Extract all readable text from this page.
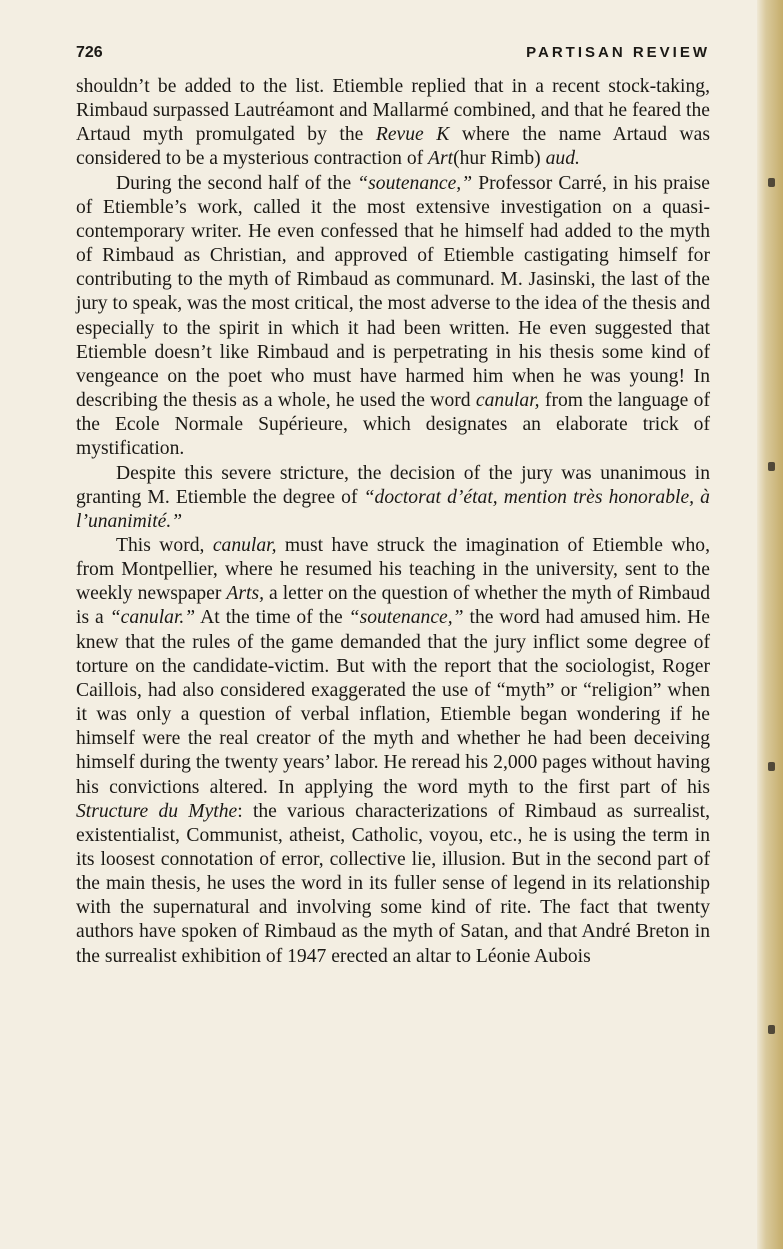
726	PARTISAN REVIEW

shouldn’t be added to the list. Etiemble replied that in a recent stock-taking, Rimbaud surpassed Lautréamont and Mallarmé combined, and that he feared the Artaud myth promulgated by the Revue K where the name Artaud was considered to be a mysterious contraction of Art(hur Rimb) aud.

During the second half of the “soutenance,” Professor Carré, in his praise of Etiemble’s work, called it the most extensive investigation on a quasi-contemporary writer. He even confessed that he himself had added to the myth of Rimbaud as Christian, and approved of Etiemble castigating himself for contributing to the myth of Rimbaud as communard. M. Jasinski, the last of the jury to speak, was the most critical, the most adverse to the idea of the thesis and especially to the spirit in which it had been written. He even suggested that Etiemble doesn’t like Rimbaud and is perpetrating in his thesis some kind of vengeance on the poet who must have harmed him when he was young! In describing the thesis as a whole, he used the word canular, from the language of the Ecole Normale Supérieure, which designates an elaborate trick of mystification.

Despite this severe stricture, the decision of the jury was unanimous in granting M. Etiemble the degree of “doctorat d’état, mention très honorable, à l’unanimité.”

This word, canular, must have struck the imagination of Etiemble who, from Montpellier, where he resumed his teaching in the university, sent to the weekly newspaper Arts, a letter on the question of whether the myth of Rimbaud is a “canular.” At the time of the “soutenance,” the word had amused him. He knew that the rules of the game demanded that the jury inflict some degree of torture on the candidate-victim. But with the report that the sociologist, Roger Caillois, had also considered exaggerated the use of “myth” or “religion” when it was only a question of verbal inflation, Etiemble began wondering if he himself were the real creator of the myth and whether he had been deceiving himself during the twenty years’ labor. He reread his 2,000 pages without having his convictions altered. In applying the word myth to the first part of his Structure du Mythe: the various characterizations of Rimbaud as surrealist, existentialist, Communist, atheist, Catholic, voyou, etc., he is using the term in its loosest connotation of error, collective lie, illusion. But in the second part of the main thesis, he uses the word in its fuller sense of legend in its relationship with the supernatural and involving some kind of rite. The fact that twenty authors have spoken of Rimbaud as the myth of Satan, and that André Breton in the surrealist exhibition of 1947 erected an altar to Léonie Aubois
